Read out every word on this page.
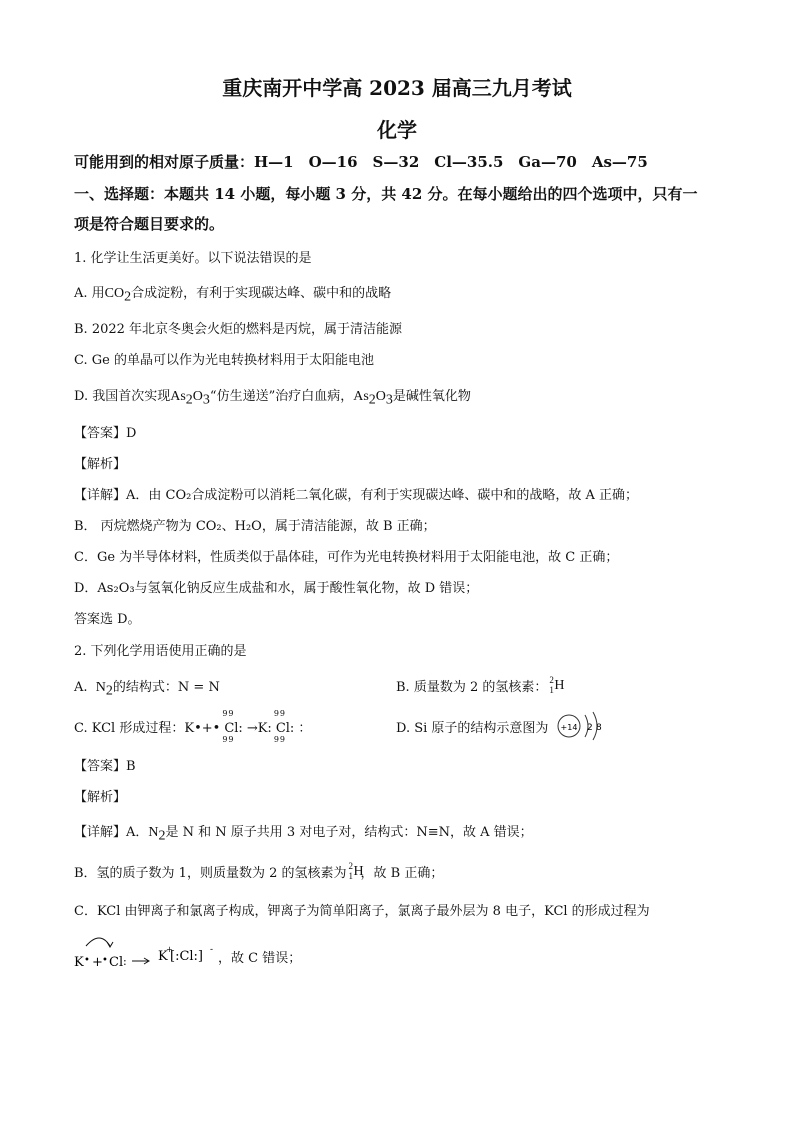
重庆南开中学高 2023 届高三九月考试
化学
可能用到的相对原子质量：H—1　O—16　S—32　Cl—35.5　Ga—70　As—75
一、选择题：本题共 14 小题，每小题 3 分，共 42 分。在每小题给出的四个选项中，只有一
项是符合题目要求的。
1. 化学让生活更美好。以下说法错误的是
A. 用$CO_2$合成淀粉，有利于实现碳达峰、碳中和的战略
B. 2022 年北京冬奥会火炬的燃料是丙烷，属于清洁能源
C. Ge 的单晶可以作为光电转换材料用于太阳能电池
D. 我国首次实现$As_2O_3“$仿生递送”治疗白血病，$As_2O_3$是碱性氧化物
【答案】D
【解析】
【详解】A．由 CO₂合成淀粉可以消耗二氧化碳，有利于实现碳达峰、碳中和的战略，故 A 正确；
B． 丙烷燃烧产物为 CO₂、H₂O，属于清洁能源，故 B 正确；
C．Ge 为半导体材料，性质类似于晶体硅，可作为光电转换材料用于太阳能电池，故 C 正确；
D．As₂O₃与氢氧化钠反应生成盐和水，属于酸性氧化物，故 D 错误；
答案选 D。
2. 下列化学用语使用正确的是
A. $N_2$的结构式：N = N	B. 质量数为 2 的氢核素： 2
1 H
C. KCl 形成过程：K•+•
99
Cl:
99
→K:
99
Cl:
99
：	D. Si 原子的结构示意图为 +14 2 8
【答案】B
【解析】
【详解】A．$N_2$是 N 和 N 原子共用 3 对电子对，结构式：N≡N，故 A 错误；
B．氢的质子数为 1，则质量数为 2 的氢核素为 2
1 H
，故 B 正确；
C．KCl 由钾离子和氯离子构成，钾离子为简单阳离子，氯离子最外层为 8 电子，KCl 的形成过程为
K • + • Cl : K
+
[:Cl:] -
，故 C 错误；
